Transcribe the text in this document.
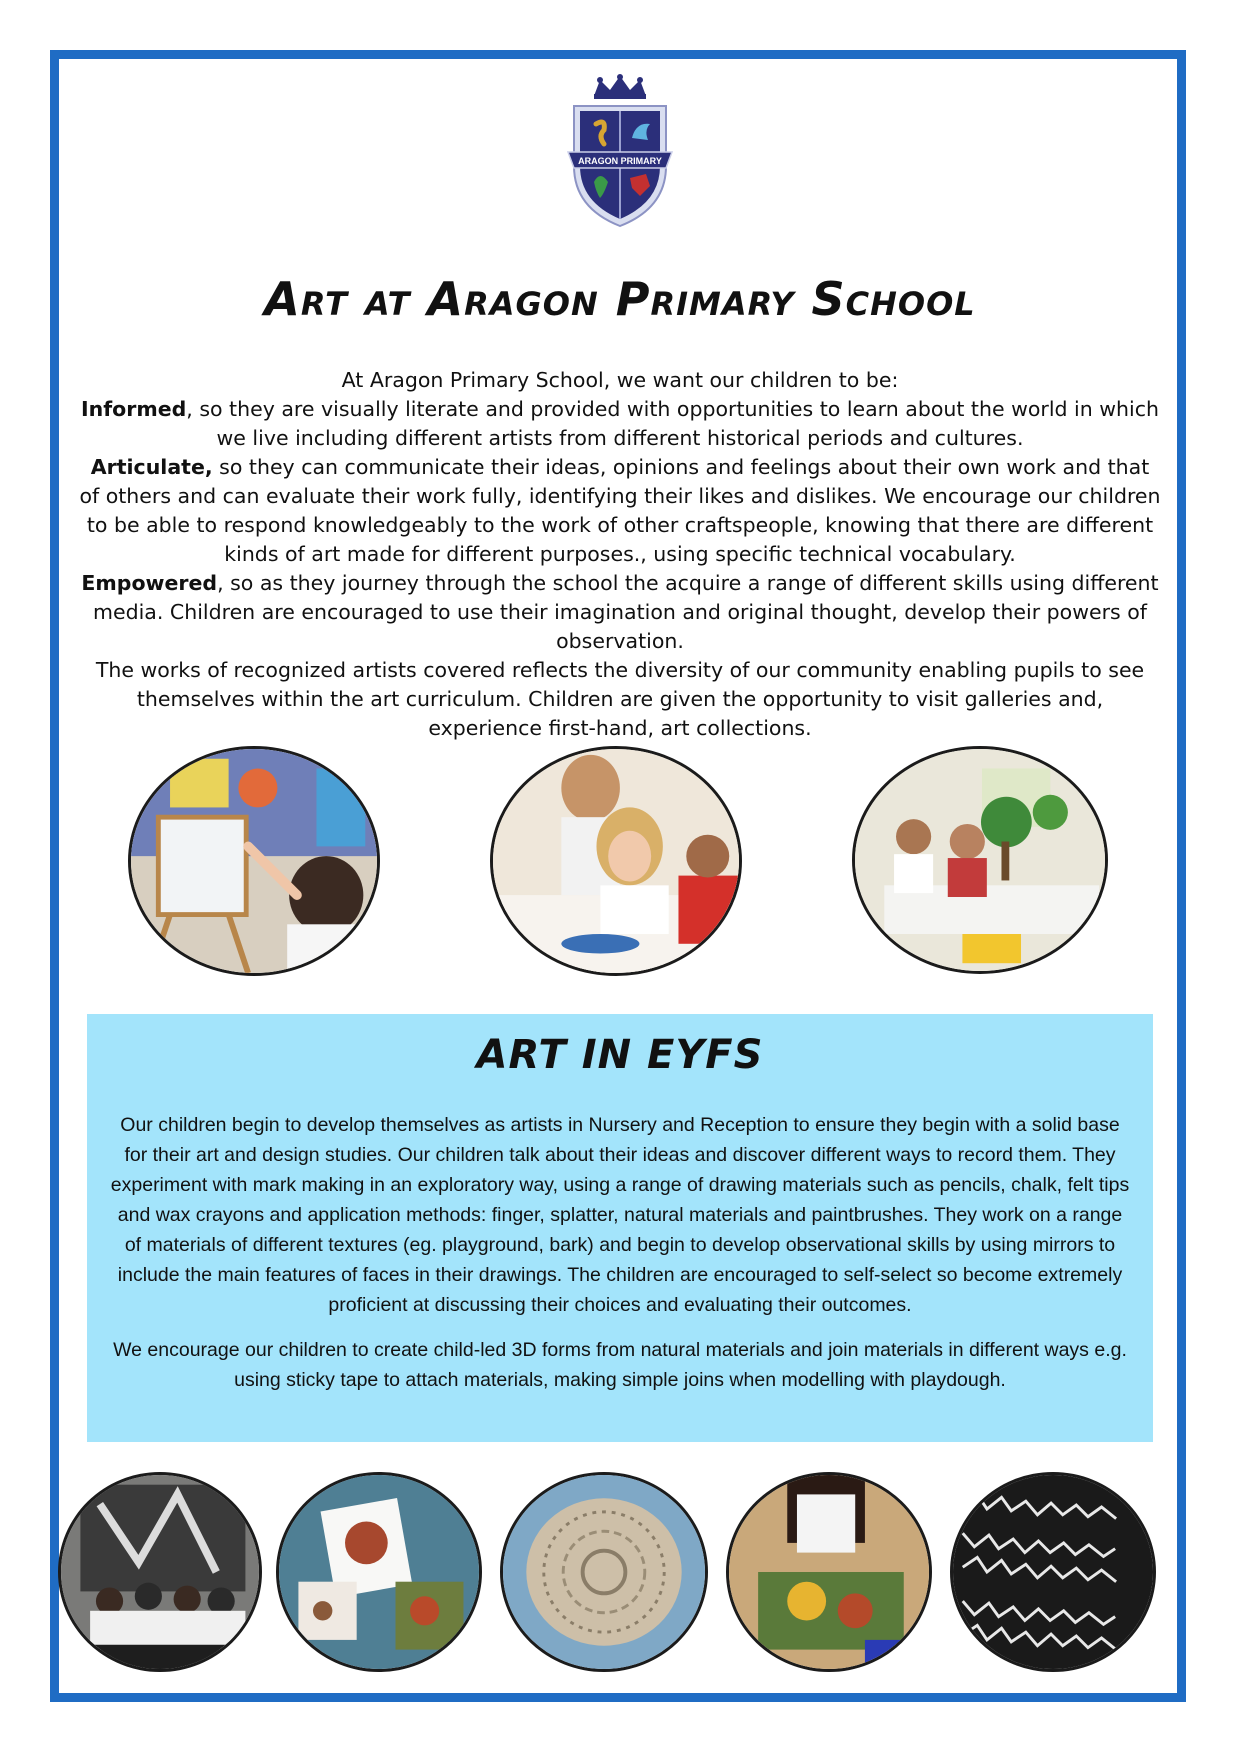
ARAGON PRIMARY
Art at Aragon Primary School

At Aragon Primary School, we want our children to be:

Informed, so they are visually literate and provided with opportunities to learn about the world in which we live including different artists from different historical periods and cultures.

Articulate, so they can communicate their ideas, opinions and feelings about their own work and that of others and can evaluate their work fully, identifying their likes and dislikes. We encourage our children to be able to respond knowledgeably to the work of other craftspeople, knowing that there are different kinds of art made for different purposes., using specific technical vocabulary.

Empowered, so as they journey through the school the acquire a range of different skills using different media. Children are encouraged to use their imagination and original thought, develop their powers of observation.

The works of recognized artists covered reflects the diversity of our community enabling pupils to see themselves within the art curriculum. Children are given the opportunity to visit galleries and, experience first-hand, art collections.

ART IN EYFS

Our children begin to develop themselves as artists in Nursery and Reception to ensure they begin with a solid base for their art and design studies. Our children talk about their ideas and discover different ways to record them. They experiment with mark making in an exploratory way, using a range of drawing materials such as pencils, chalk, felt tips and wax crayons and application methods: finger, splatter, natural materials and paintbrushes. They work on a range of materials of different textures (eg. playground, bark) and begin to develop observational skills by using mirrors to include the main features of faces in their drawings. The children are encouraged to self-select so become extremely proficient at discussing their choices and evaluating their outcomes.

We encourage our children to create child-led 3D forms from natural materials and join materials in different ways e.g. using sticky tape to attach materials, making simple joins when modelling with playdough.
